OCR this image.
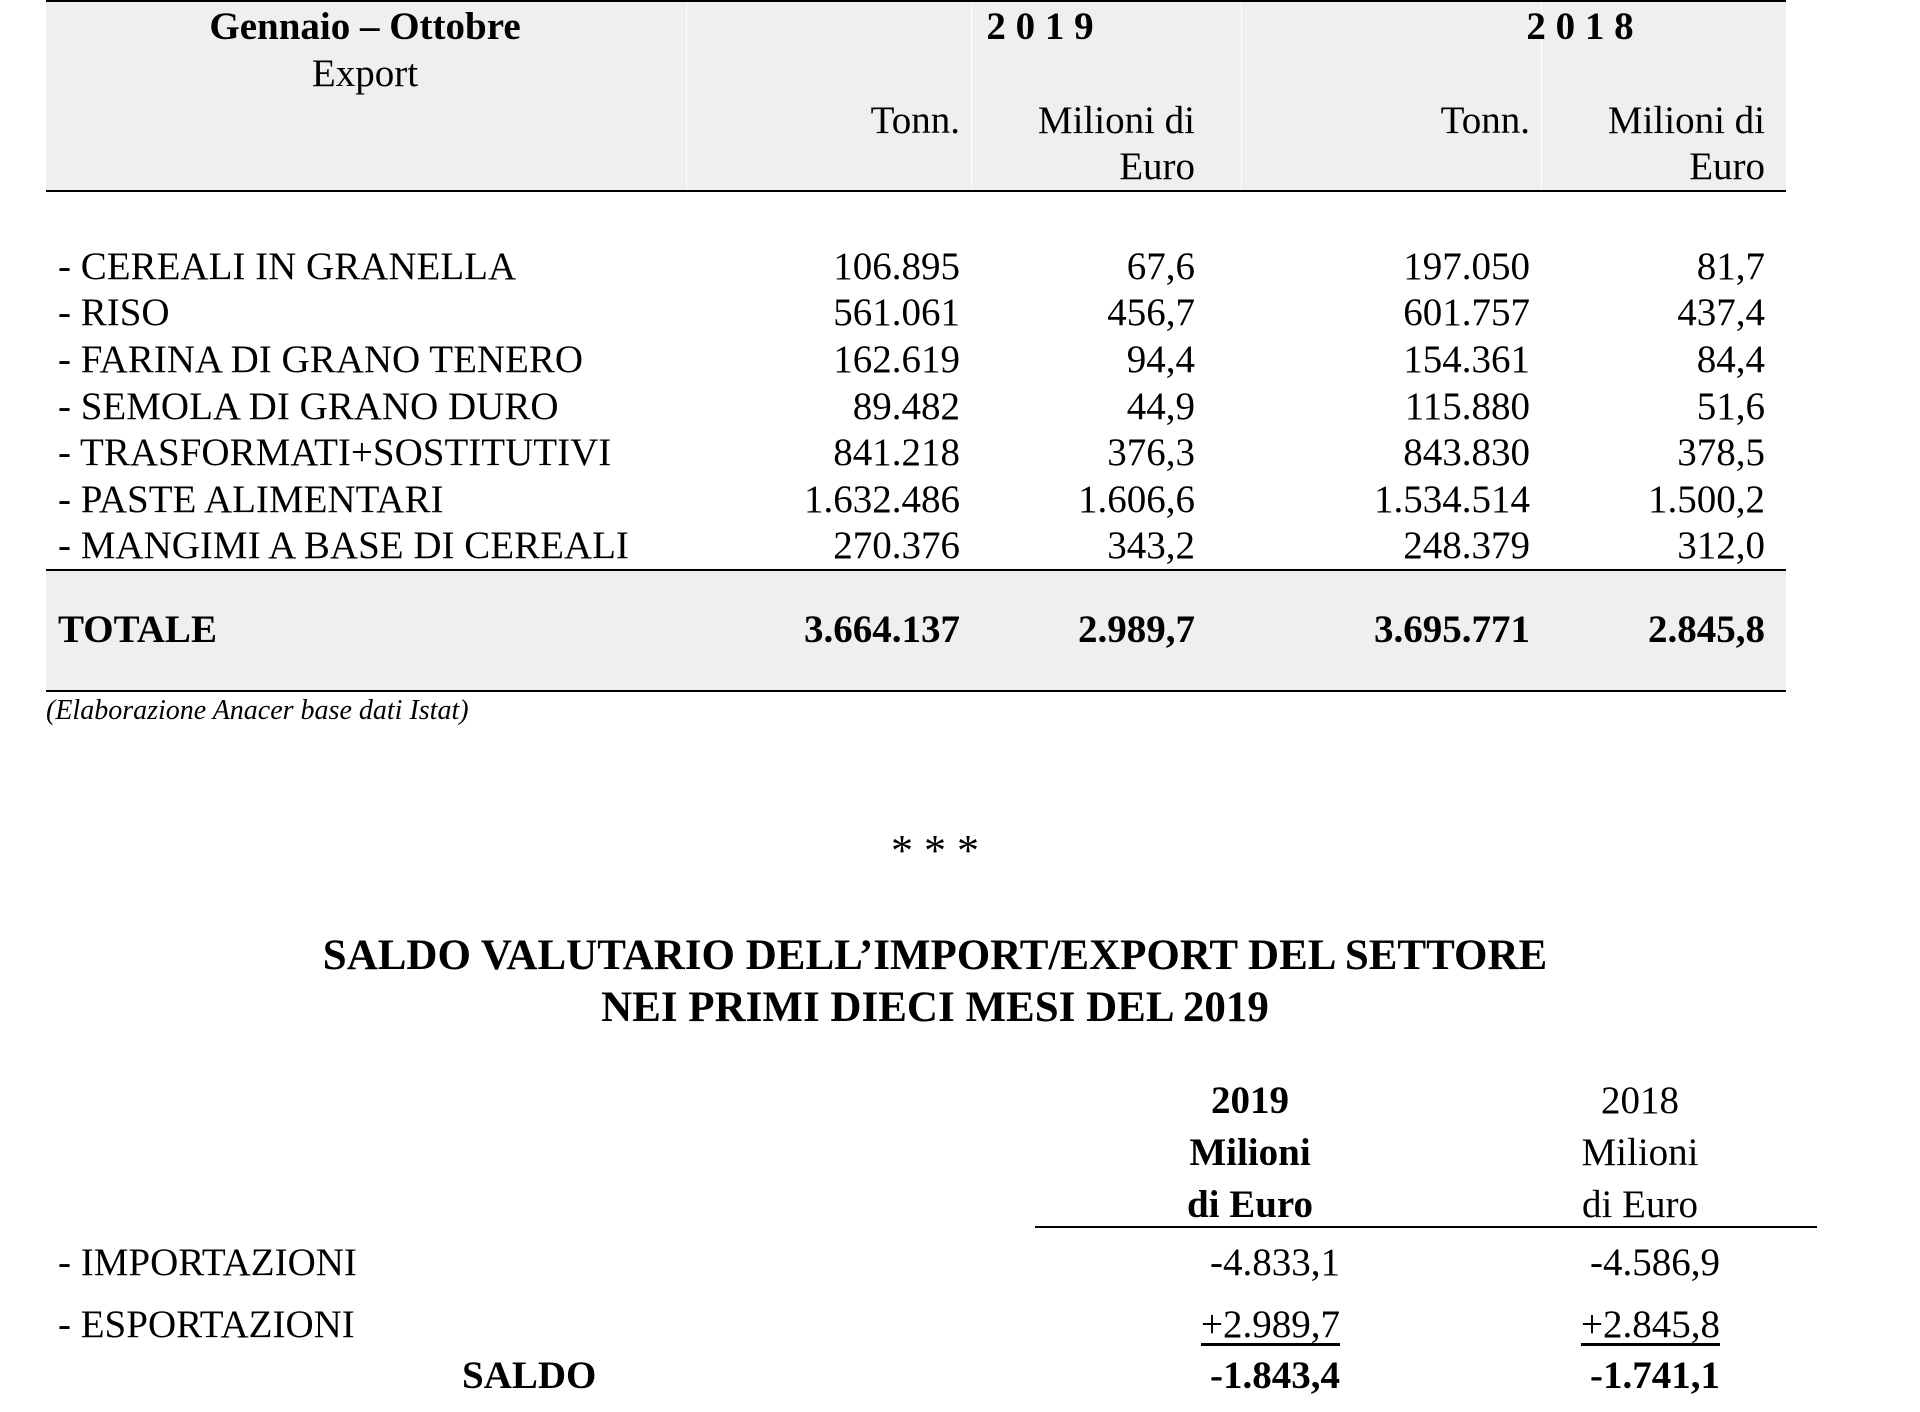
Gennaio – Ottobre
Export
2 0 1 9	2 0 1 8
Tonn.	Milioni di
Euro
Tonn.	Milioni di
Euro
- CEREALI IN GRANELLA	106.895	67,6	197.050	81,7
- RISO	561.061	456,7	601.757	437,4
- FARINA DI GRANO TENERO	162.619	94,4	154.361	84,4
- SEMOLA DI GRANO DURO	89.482	44,9	115.880	51,6
- TRASFORMATI+SOSTITUTIVI	841.218	376,3	843.830	378,5
- PASTE ALIMENTARI	1.632.486	1.606,6	1.534.514	1.500,2
- MANGIMI A BASE DI CEREALI	270.376	343,2	248.379	312,0
TOTALE	3.664.137	2.989,7	3.695.771	2.845,8
(Elaborazione Anacer base dati Istat)
* * *
SALDO VALUTARIO DELL’IMPORT/EXPORT DEL SETTORE
NEI PRIMI DIECI MESI DEL 2019
2019
Milioni
di Euro
2018
Milioni
di Euro
- IMPORTAZIONI	-4.833,1	-4.586,9
- ESPORTAZIONI	+2.989,7	+2.845,8
SALDO	-1.843,4	-1.741,1
